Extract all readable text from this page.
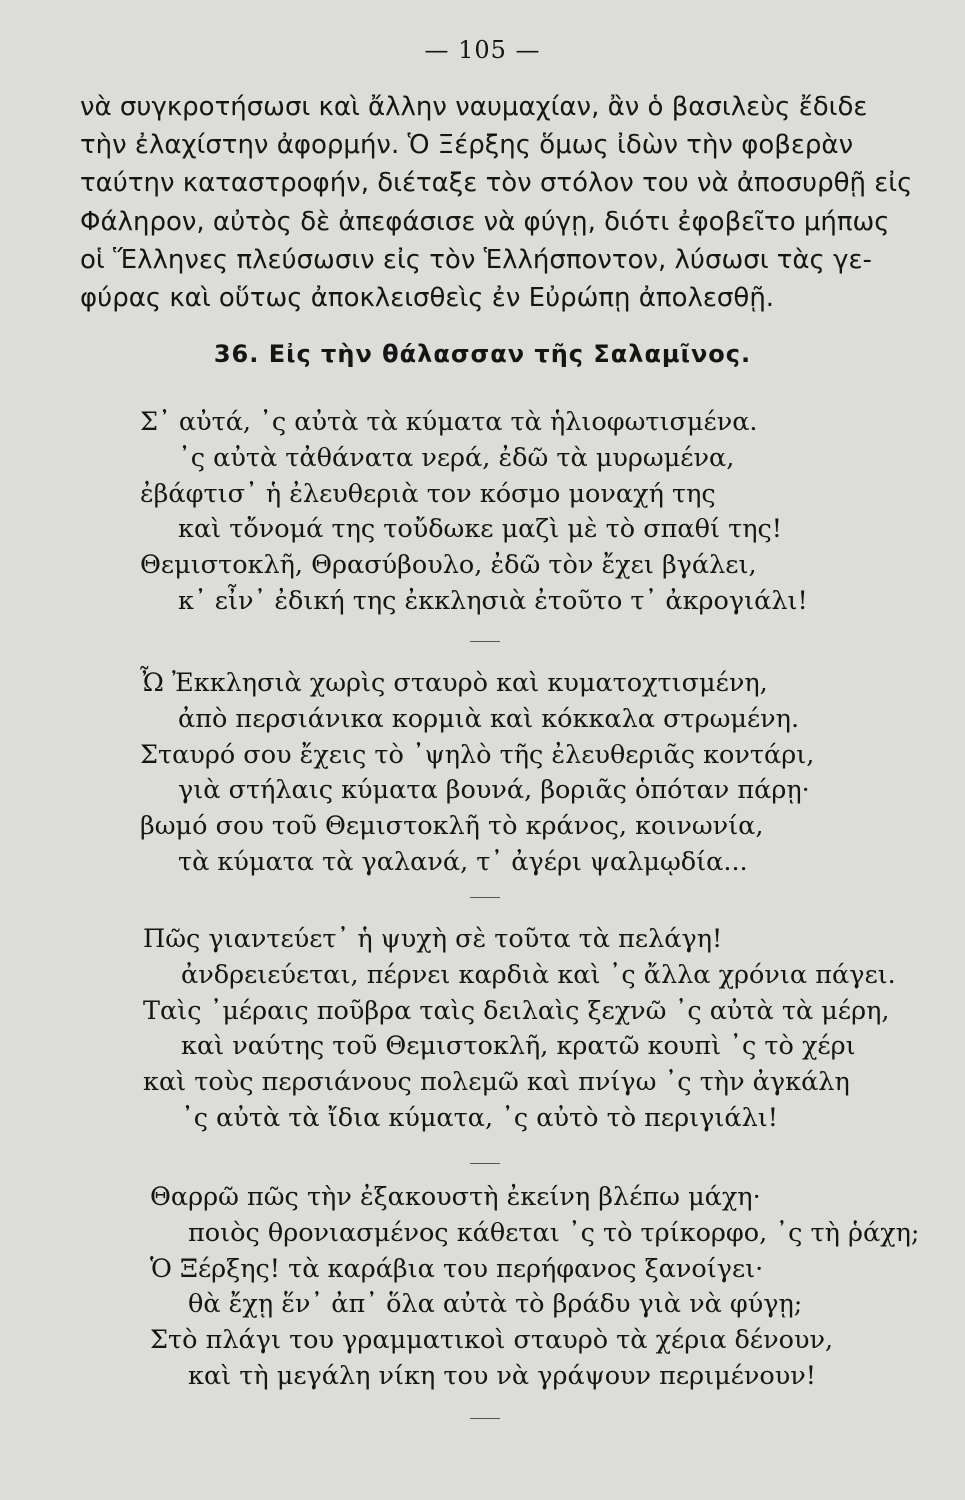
— 105 —
νὰ συγκροτήσωσι καὶ ἄλλην ναυμαχίαν, ἂν ὁ βασιλεὺς ἔδιδε
τὴν ἐλαχίστην ἀφορμήν. Ὁ Ξέρξης ὅμως ἰδὼν τὴν φοβερὰν
ταύτην καταστροφήν, διέταξε τὸν στόλον του νὰ ἀποσυρθῇ εἰς
Φάληρον, αὐτὸς δὲ ἀπεφάσισε νὰ φύγῃ, διότι ἐφοβεῖτο μήπως
οἱ Ἕλληνες πλεύσωσιν εἰς τὸν Ἑλλήσποντον, λύσωσι τὰς γε-
φύρας καὶ οὕτως ἀποκλεισθεὶς ἐν Εὐρώπῃ ἀπολεσθῇ.
36. Εἰς τὴν θάλασσαν τῆς Σαλαμῖνος.
Σ᾽ αὐτά, ᾽ς αὐτὰ τὰ κύματα τὰ ἡλιοφωτισμένα.
᾽ς αὐτὰ τἀθάνατα νερά, ἐδῶ τὰ μυρωμένα,
ἐβάφτισ᾽ ἡ ἐλευθεριὰ τον κόσμο μοναχή της
καὶ τὄνομά της τοὔδωκε μαζὶ μὲ τὸ σπαθί της!
Θεμιστοκλῆ, Θρασύβουλο, ἐδῶ τὸν ἔχει βγάλει,
κ᾽ εἶν᾽ ἐδική της ἐκκλησιὰ ἐτοῦτο τ᾽ ἀκρογιάλι!
Ὦ Ἐκκλησιὰ χωρὶς σταυρὸ καὶ κυματοχτισμένη,
ἀπὸ περσιάνικα κορμιὰ καὶ κόκκαλα στρωμένη.
Σταυρό σου ἔχεις τὸ ᾽ψηλὸ τῆς ἐλευθεριᾶς κοντάρι,
γιὰ στήλαις κύματα βουνά, βοριᾶς ὁπόταν πάρῃ·
βωμό σου τοῦ Θεμιστοκλῆ τὸ κράνος, κοινωνία,
τὰ κύματα τὰ γαλανά, τ᾽ ἀγέρι ψαλμῳδία...
Πῶς γιαντεύετ᾽ ἡ ψυχὴ σὲ τοῦτα τὰ πελάγη!
ἀνδρειεύεται, πέρνει καρδιὰ καὶ ᾽ς ἄλλα χρόνια πάγει.
Ταὶς ᾽μέραις ποῦβρα ταὶς δειλαὶς ξεχνῶ ᾽ς αὐτὰ τὰ μέρη,
καὶ ναύτης τοῦ Θεμιστοκλῆ, κρατῶ κουπὶ ᾽ς τὸ χέρι
καὶ τοὺς περσιάνους πολεμῶ καὶ πνίγω ᾽ς τὴν ἀγκάλη
᾽ς αὐτὰ τὰ ἴδια κύματα, ᾽ς αὐτὸ τὸ περιγιάλι!
Θαρρῶ πῶς τὴν ἐξακουστὴ ἐκείνη βλέπω μάχη·
ποιὸς θρονιασμένος κάθεται ᾽ς τὸ τρίκορφο, ᾽ς τὴ ῥάχη;
Ὁ Ξέρξης! τὰ καράβια του περήφανος ξανοίγει·
θὰ ἔχῃ ἕν᾽ ἀπ᾽ ὅλα αὐτὰ τὸ βράδυ γιὰ νὰ φύγῃ;
Στὸ πλάγι του γραμματικοὶ σταυρὸ τὰ χέρια δένουν,
καὶ τὴ μεγάλη νίκη του νὰ γράψουν περιμένουν!
